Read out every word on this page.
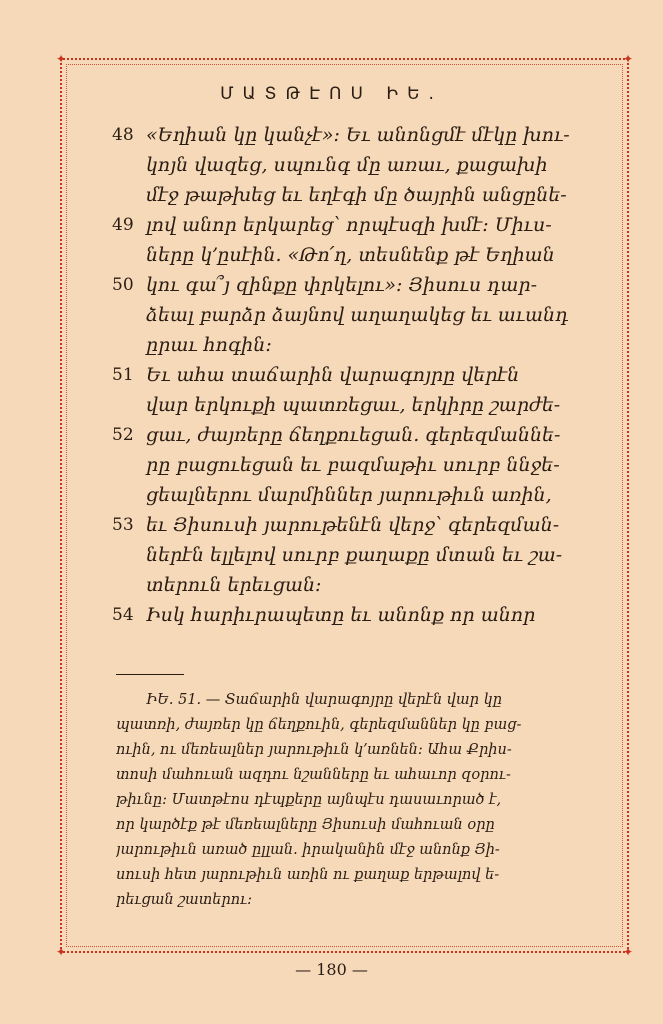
✦	✦
✦	✦
ՄԱՏԹԷՈՍ ԻԵ.
48 «Եղիան կը կանչէ»։ Եւ անոնցմէ մէկը խու-
կոյն վազեց, սպունգ մը առաւ, քացախի
մէջ թաթխեց եւ եղէգի մը ծայրին անցընե-
49 լով անոր երկարեց՝ որպէսզի խմէ։ Միւս-
ները կ՚ըսէին. «Թո՛ղ, տեսնենք թէ Եղիան
50 կու գա՞յ զինքը փրկելու»։ Յիսուս դար-
ձեալ բարձր ձայնով աղաղակեց եւ աւանդ
ըրաւ հոգին։
51 Եւ ահա տաճարին վարագոյրը վերէն
վար երկուքի պատռեցաւ, երկիրը շարժե-
52 ցաւ, ժայռերը ճեղքուեցան. գերեզմաննե-
րը բացուեցան եւ բազմաթիւ սուրբ ննջե-
ցեալներու մարմիններ յարութիւն առին,
53 եւ Յիսուսի յարութենէն վերջ՝ գերեզման-
ներէն ելլելով սուրբ քաղաքը մտան եւ շա-
տերուն երեւցան։
54 Իսկ հարիւրապետը եւ անոնք որ անոր
ԻԵ. 51. — Տաճարին վարագոյրը վերէն վար կը
պատռի, ժայռեր կը ճեղքուին, գերեզմաններ կը բաց-
ուին, ու մեռեալներ յարութիւն կ՚առնեն։ Ահա Քրիս-
տոսի մահուան ազդու նշանները եւ ահաւոր զօրու-
թիւնը։ Մատթէոս դէպքերը այնպէս դասաւորած է,
որ կարծէք թէ մեռեալները Յիսուսի մահուան օրը
յարութիւն առած ըլլան. իրականին մէջ անոնք Յի-
սուսի հետ յարութիւն առին ու քաղաք երթալով ե-
րեւցան շատերու։
— 180 —
